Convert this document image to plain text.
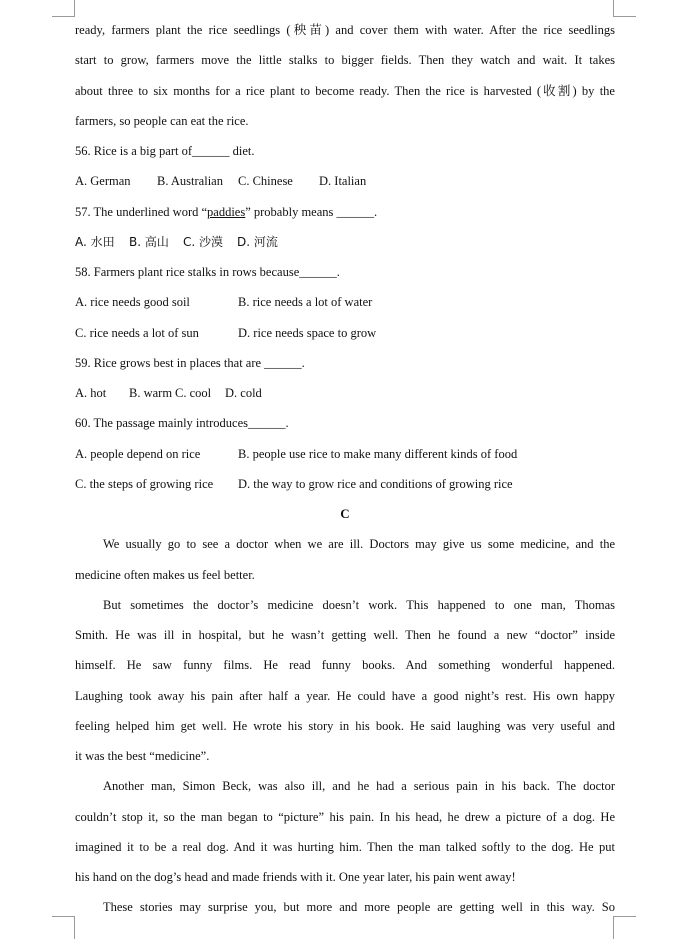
ready, farmers plant the rice seedlings (秧苗) and cover them with water. After the rice seedlings
start to grow, farmers move the little stalks to bigger fields. Then they watch and wait. It takes
about three to six months for a rice plant to become ready. Then the rice is harvested (收割) by the
farmers, so people can eat the rice.
56. Rice is a big part of______ diet.
A. German B. Australian C. Chinese D. Italian
57. The underlined word “paddies” probably means ______.
A. 水田 B. 高山 C. 沙漠 D. 河流
58. Farmers plant rice stalks in rows because______.
A. rice needs good soil	B. rice needs a lot of water
C. rice needs a lot of sun	D. rice needs space to grow
59. Rice grows best in places that are ______.
A. hot B. warm C. cool D. cold
60. The passage mainly introduces______.
A. people depend on rice	B. people use rice to make many different kinds of food
C. the steps of growing rice D. the way to grow rice and conditions of growing rice
C
We usually go to see a doctor when we are ill. Doctors may give us some medicine, and the
medicine often makes us feel better.
But sometimes the doctor’s medicine doesn’t work. This happened to one man, Thomas
Smith. He was ill in hospital, but he wasn’t getting well. Then he found a new “doctor” inside
himself. He saw funny films. He read funny books. And something wonderful happened.
Laughing took away his pain after half a year. He could have a good night’s rest. His own happy
feeling helped him get well. He wrote his story in his book. He said laughing was very useful and
it was the best “medicine”.
Another man, Simon Beck, was also ill, and he had a serious pain in his back. The doctor
couldn’t stop it, so the man began to “picture” his pain. In his head, he drew a picture of a dog. He
imagined it to be a real dog. And it was hurting him. Then the man talked softly to the dog. He put
his hand on the dog’s head and made friends with it. One year later, his pain went away!
These stories may surprise you, but more and more people are getting well in this way. So
